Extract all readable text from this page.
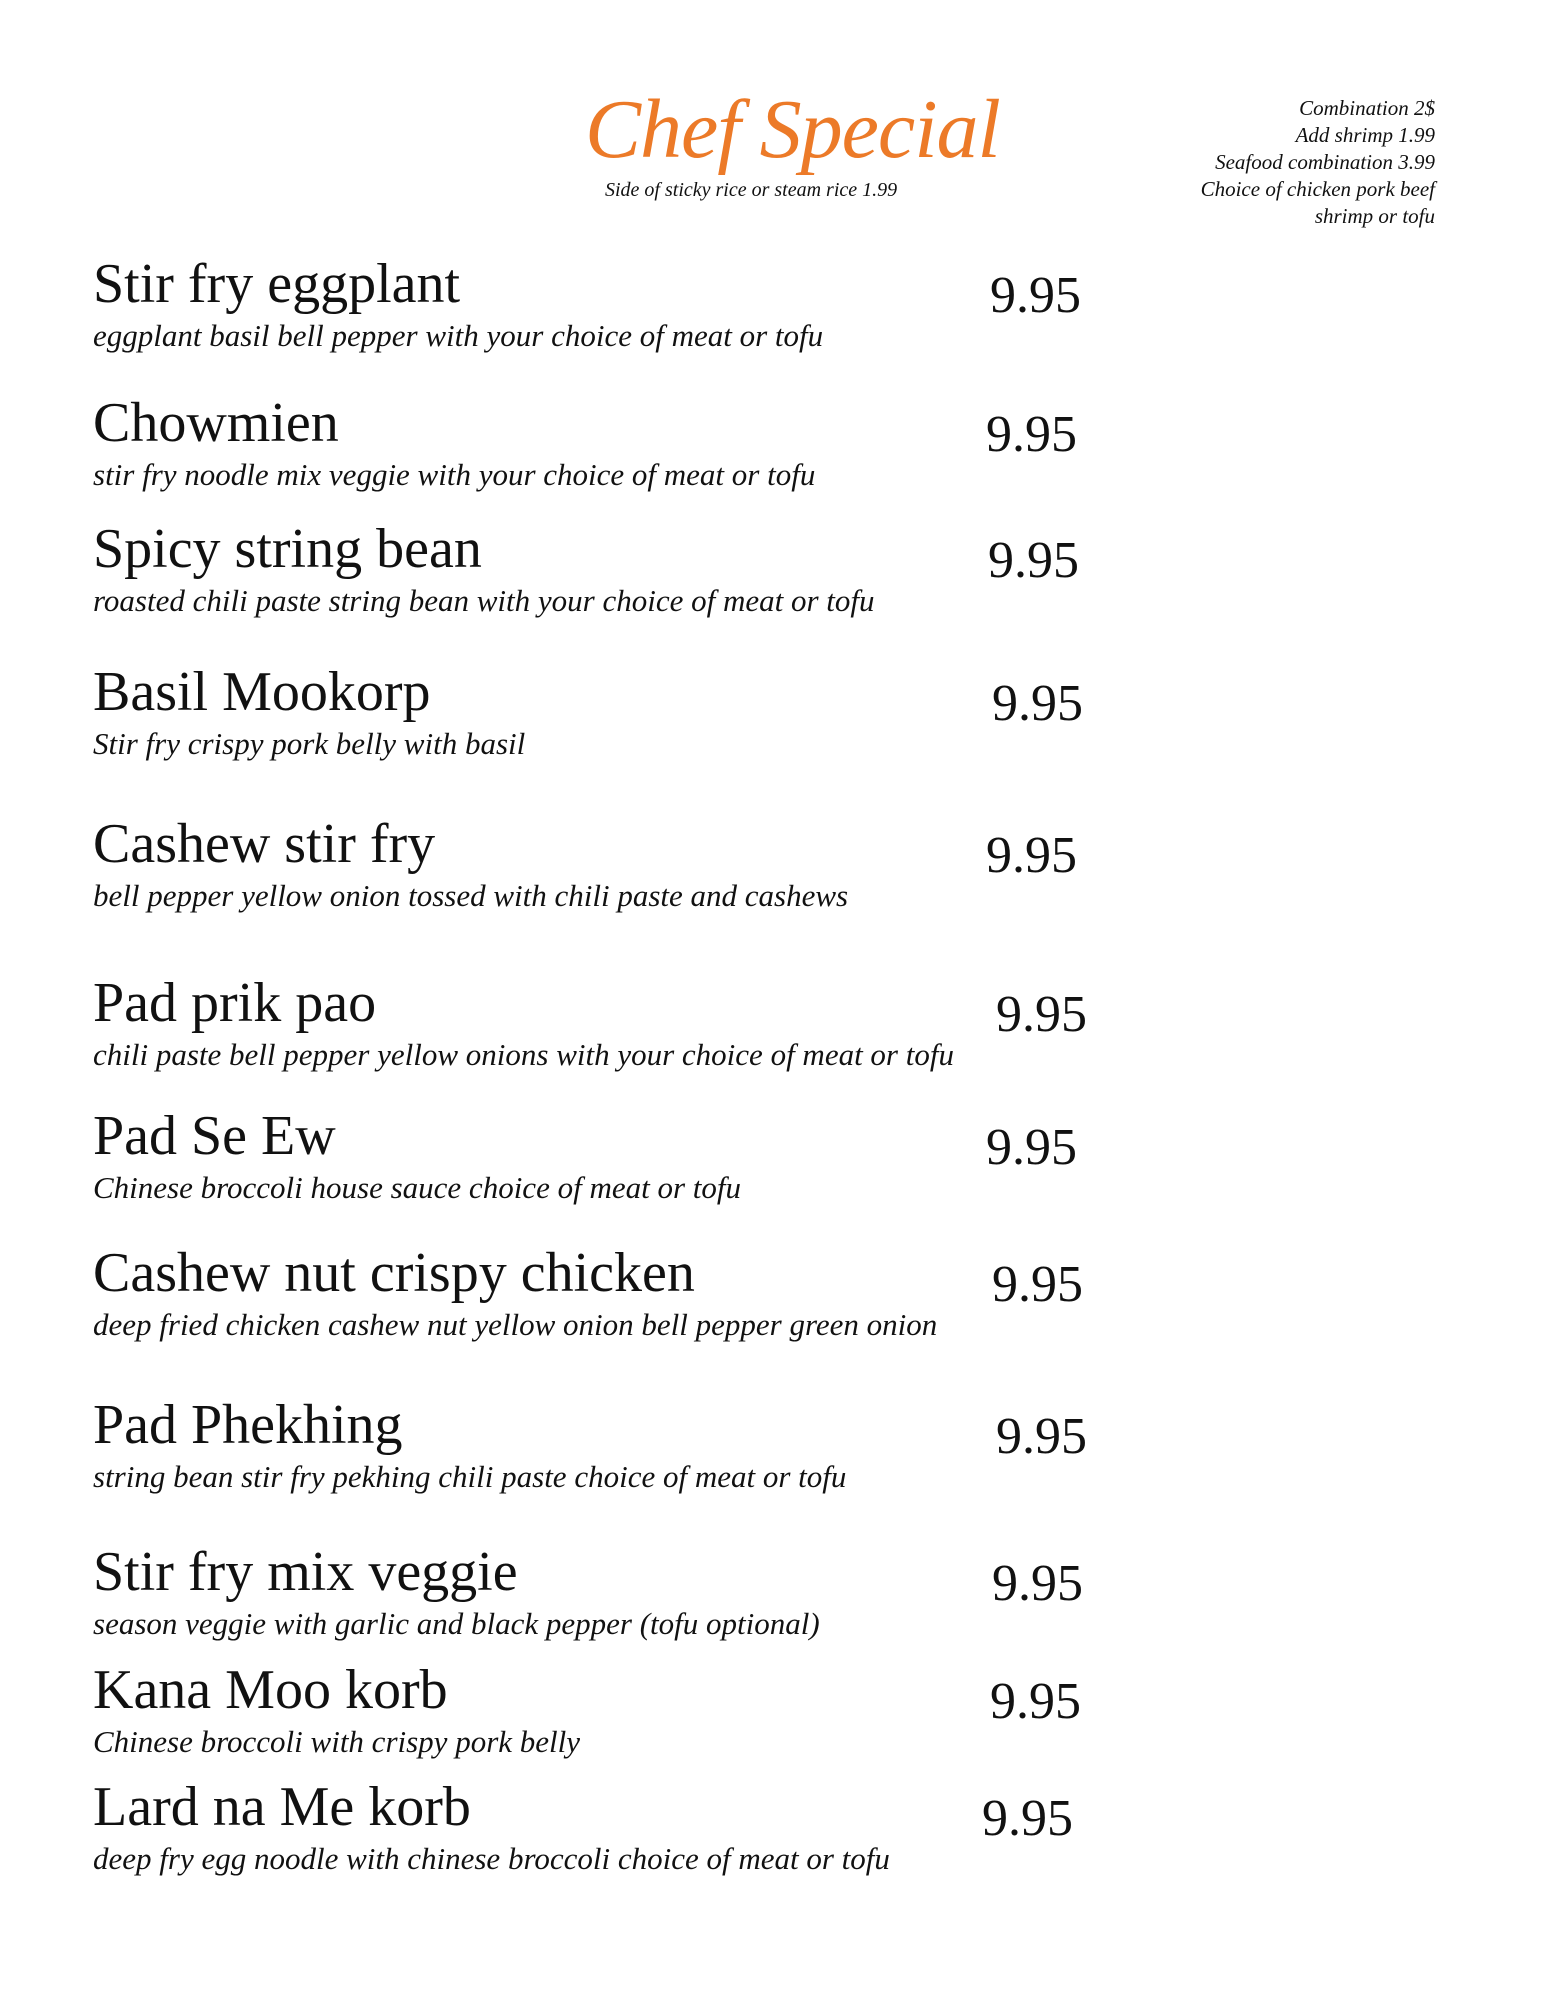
Chef Special
Side of sticky rice or steam rice 1.99
Combination 2$
Add shrimp 1.99
Seafood combination 3.99
Choice of chicken pork beef
shrimp or tofu
Stir fry eggplant
eggplant basil bell pepper with your choice of meat or tofu
9.95
Chowmien
stir fry noodle mix veggie with your choice of meat or tofu
9.95
Spicy string bean
roasted chili paste string bean with your choice of meat or tofu
9.95
Basil Mookorp
Stir fry crispy pork belly with basil
9.95
Cashew stir fry
bell pepper yellow onion tossed with chili paste and cashews
9.95
Pad prik pao
chili paste bell pepper yellow onions with your choice of meat or tofu
9.95
Pad Se Ew
Chinese broccoli house sauce choice of meat or tofu
9.95
Cashew nut crispy chicken
deep fried chicken cashew nut yellow onion bell pepper green onion
9.95
Pad Phekhing
string bean stir fry pekhing chili paste choice of meat or tofu
9.95
Stir fry mix veggie
season veggie with garlic and black pepper (tofu optional)
9.95
Kana Moo korb
Chinese broccoli with crispy pork belly
9.95
Lard na Me korb
deep fry egg noodle with chinese broccoli choice of meat or tofu
9.95
